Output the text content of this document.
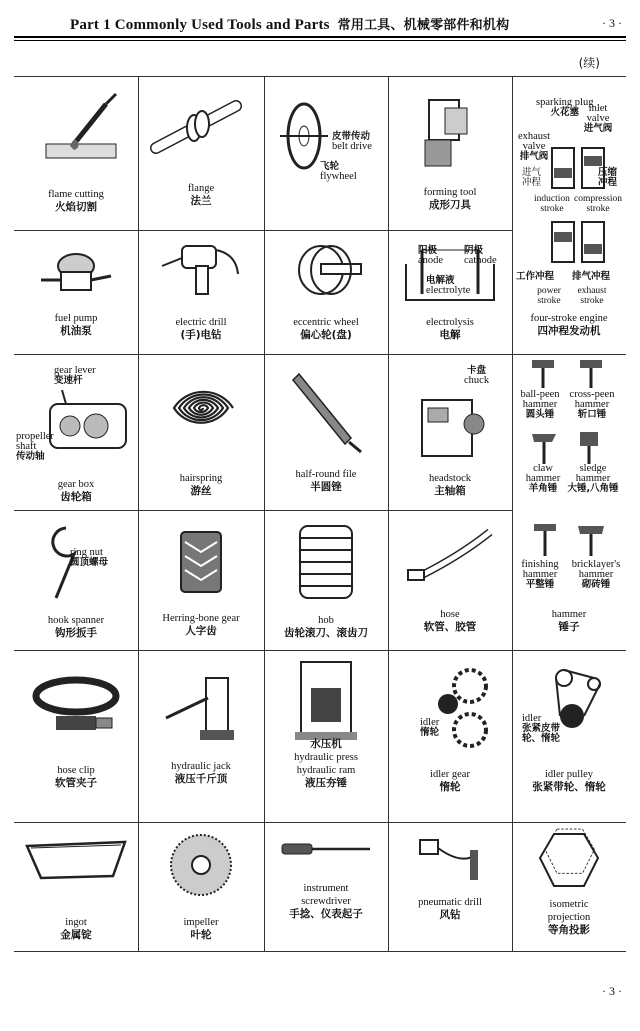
Part 1 Commonly Used Tools and Parts 常用工具、机械零部件和机构	· 3 ·
(续)
flame cutting
火焰切割
flange
法兰
皮带传动
belt drive
飞轮
flywheel
forming tool
成形刀具
sparking plug
火花塞 inlet valve
进气阀
exhaust valve
排气阀
进气冲程
压缩冲程
induction stroke
compression stroke
工作冲程 排气冲程
power stroke
exhaust stroke
four-stroke engine
四冲程发动机
fuel pump
机油泵
electric drill
(手)电钻
eccentric wheel
偏心轮(盘)
阳极
anode
阴极
cathode
电解液
electrolyte
electrolysis
电解
gear lever
变速杆
propeller shaft
传动轴
gear box
齿轮箱
hairspring
游丝
half-round file
半圆锉
卡盘
chuck
headstock
主轴箱
ball-peen hammer
圆头锤
cross-peen hammer
斩口锤
claw hammer
羊角锤
sledge hammer
大锤,八角锤
finishing hammer
平整锤
bricklayer's hammer
砌砖锤
hammer
锤子
ring nut
圆顶螺母
hook spanner
钩形扳手
Herring-bone gear
人字齿
hob
齿轮滚刀、滚齿刀
hose
软管、胶管
hose clip
软管夹子
hydraulic jack
液压千斤顶
水压机
hydraulic press
hydraulic ram
液压夯锤
idler
惰轮
idler gear
惰轮
idler
张紧皮带
轮、惰轮
idler pulley
张紧带轮、惰轮
ingot
金属锭
impeller
叶轮
instrument screwdriver
手捻、仪表起子
pneumatic drill
风钻
isometric projection
等角投影
· 3 ·
